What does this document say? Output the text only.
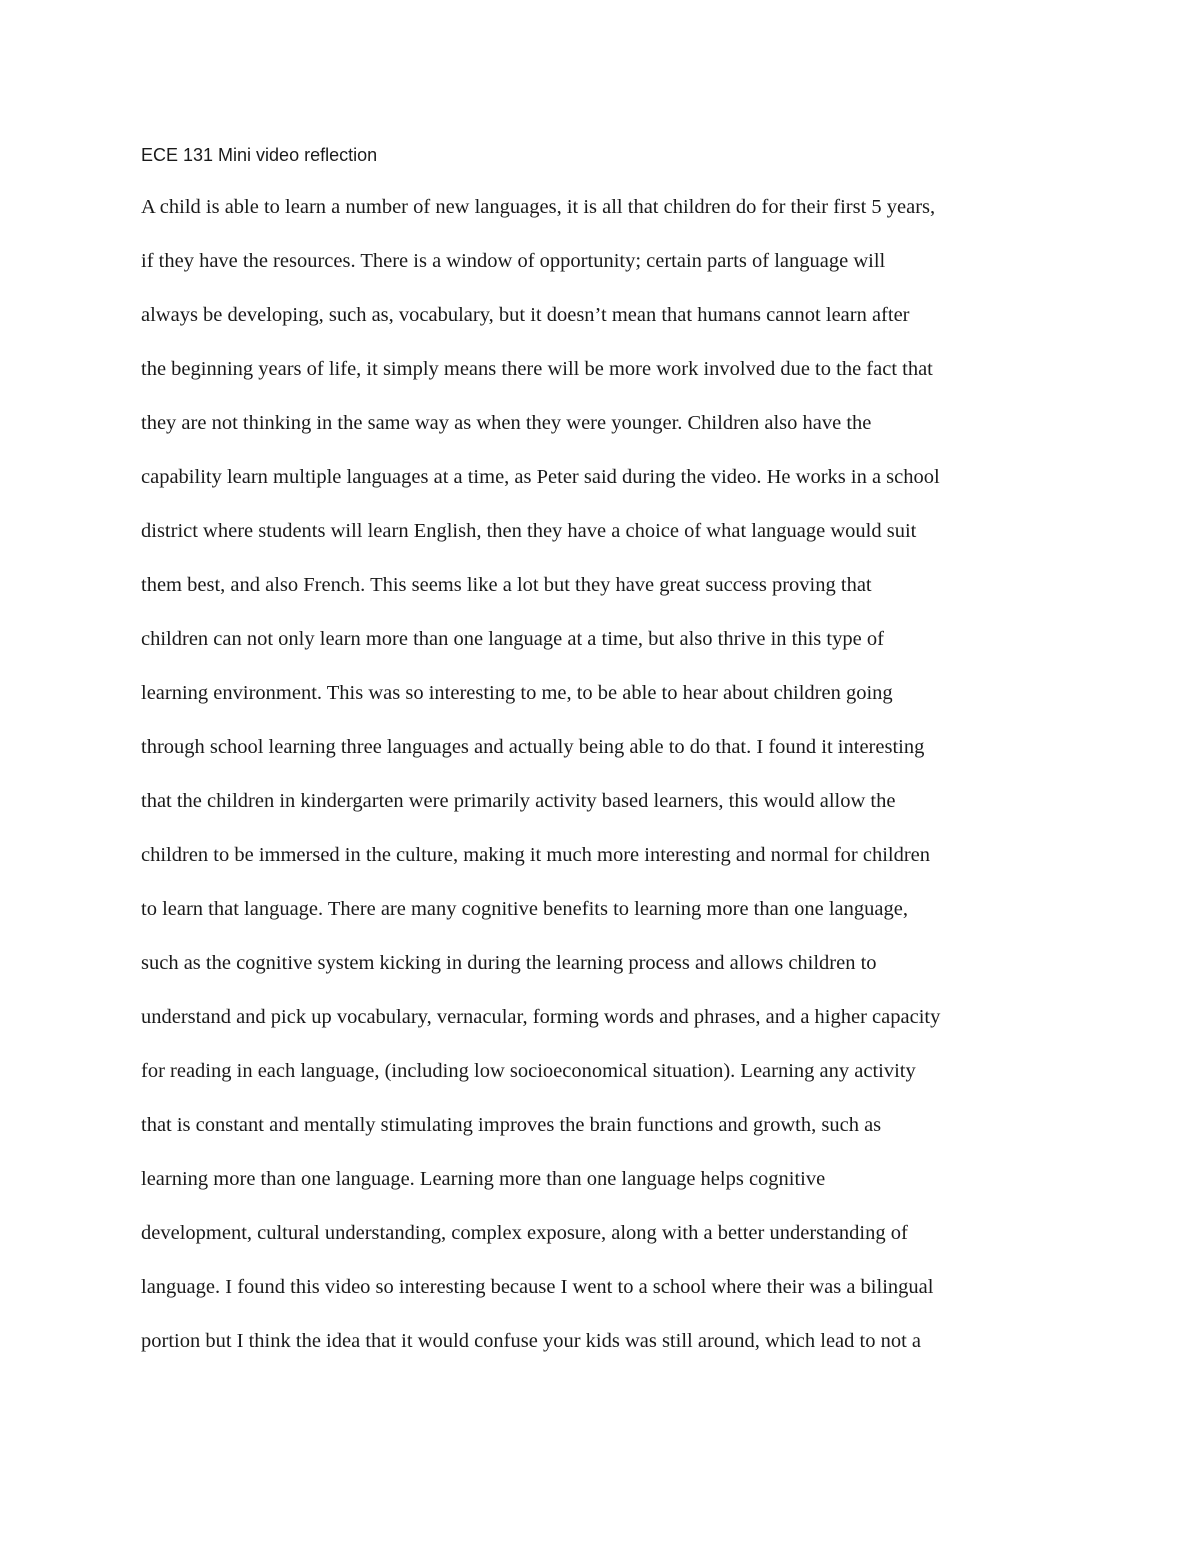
ECE 131 Mini video reflection

A child is able to learn a number of new languages, it is all that children do for their first 5 years,
if they have the resources. There is a window of opportunity; certain parts of language will
always be developing, such as, vocabulary, but it doesn’t mean that humans cannot learn after
the beginning years of life, it simply means there will be more work involved due to the fact that
they are not thinking in the same way as when they were younger. Children also have the
capability learn multiple languages at a time, as Peter said during the video. He works in a school
district where students will learn English, then they have a choice of what language would suit
them best, and also French. This seems like a lot but they have great success proving that
children can not only learn more than one language at a time, but also thrive in this type of
learning environment. This was so interesting to me, to be able to hear about children going
through school learning three languages and actually being able to do that. I found it interesting
that the children in kindergarten were primarily activity based learners, this would allow the
children to be immersed in the culture, making it much more interesting and normal for children
to learn that language. There are many cognitive benefits to learning more than one language,
such as the cognitive system kicking in during the learning process and allows children to
understand and pick up vocabulary, vernacular, forming words and phrases, and a higher capacity
for reading in each language, (including low socioeconomical situation). Learning any activity
that is constant and mentally stimulating improves the brain functions and growth, such as
learning more than one language. Learning more than one language helps cognitive
development, cultural understanding, complex exposure, along with a better understanding of
language. I found this video so interesting because I went to a school where their was a bilingual
portion but I think the idea that it would confuse your kids was still around, which lead to not a
